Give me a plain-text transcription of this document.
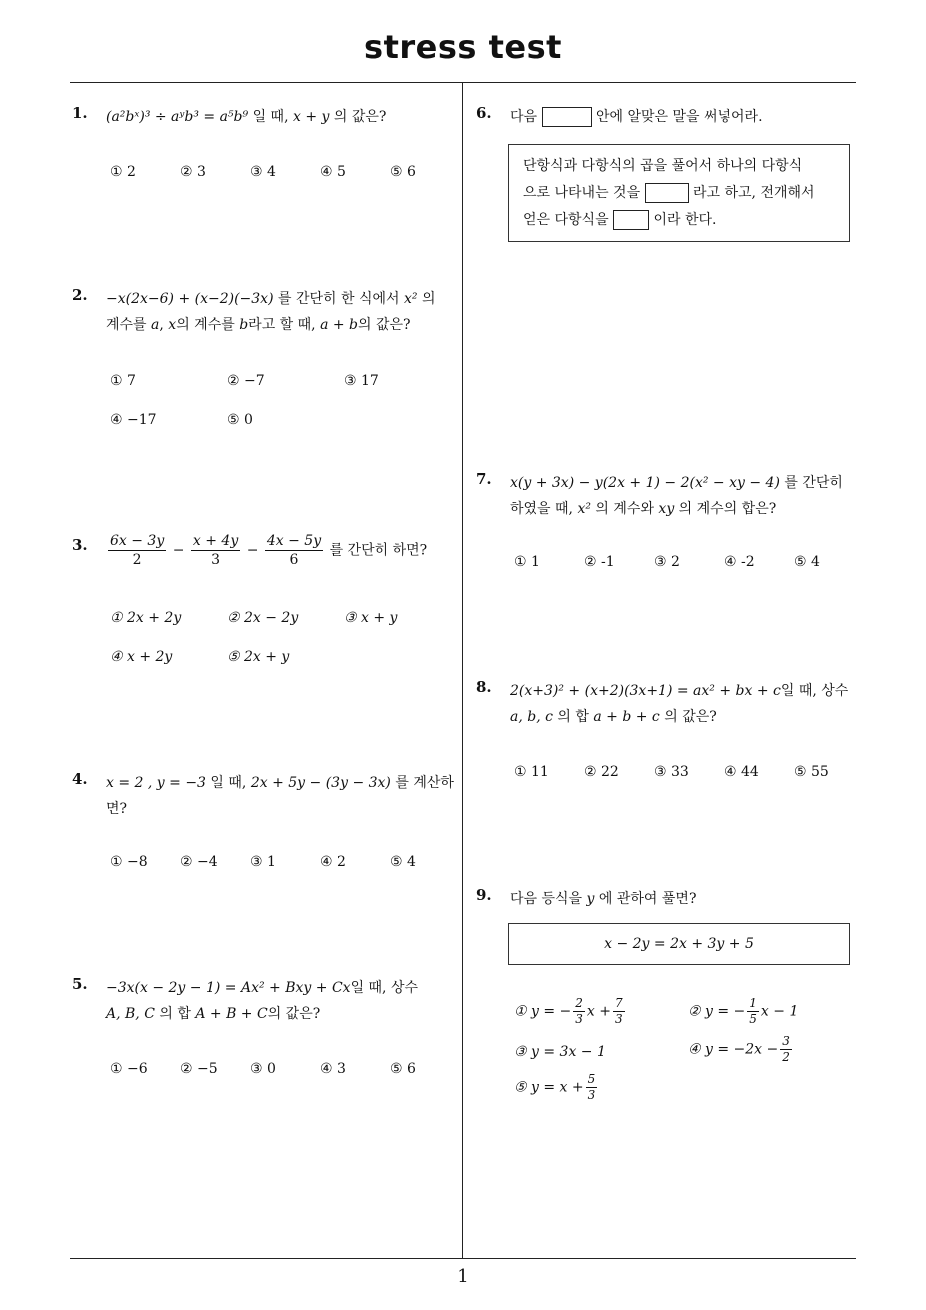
stress test
1
1. (a²bˣ)³ ÷ aʸb³ = a⁵b⁹ 일 때, x + y 의 값은?
① 2	② 3	③ 4	④ 5	⑤ 6
2. −x(2x−6) + (x−2)(−3x) 를 간단히 한 식에서 x² 의
계수를 a, x의 계수를 b라고 할 때, a + b의 값은?
① 7	② −7	③ 17
④ −17	⑤ 0
3. $\frac{6x - 3y}{2} - \frac{x + 4y}{3} - \frac{4x - 5y}{6}$ 를 간단히 하면?
① 2x + 2y	② 2x − 2y	③ x + y
④ x + 2y	⑤ 2x + y
4. x = 2 , y = −3 일 때, 2x + 5y − (3y − 3x) 를 계산하
면?
① −8 ② −4 ③ 1	④ 2	⑤ 4
5. −3x(x − 2y − 1) = Ax² + Bxy + Cx일 때, 상수
A, B, C 의 합 A + B + C의 값은?
① −6 ② −5 ③ 0	④ 3	⑤ 6
6. 다음	안에 알맞은 말을 써넣어라.
단항식과 다항식의 곱을 풀어서 하나의 다항식
으로 나타내는 것을	라고 하고, 전개해서
얻은 다항식을	이라 한다.
7. x(y + 3x) − y(2x + 1) − 2(x² − xy − 4) 를 간단히
하였을 때, x² 의 계수와 xy 의 계수의 합은?
① 1	② -1	③ 2	④ -2	⑤ 4
8. 2(x+3)² + (x+2)(3x+1) = ax² + bx + c일 때, 상수
a, b, c 의 합 a + b + c 의 값은?
① 11	② 22	③ 33	④ 44	⑤ 55
9. 다음 등식을 y 에 관하여 풀면?
x − 2y = 2x + 3y + 5
① y = − $\frac{2}{3}$ $x + \frac{7}{3}$	② y = − $\frac{1}{5}$ x − 1
③ y = 3x − 1	④ $y = -2x - \frac{3}{2}$
⑤ $y = x + \frac{5}{3}$
